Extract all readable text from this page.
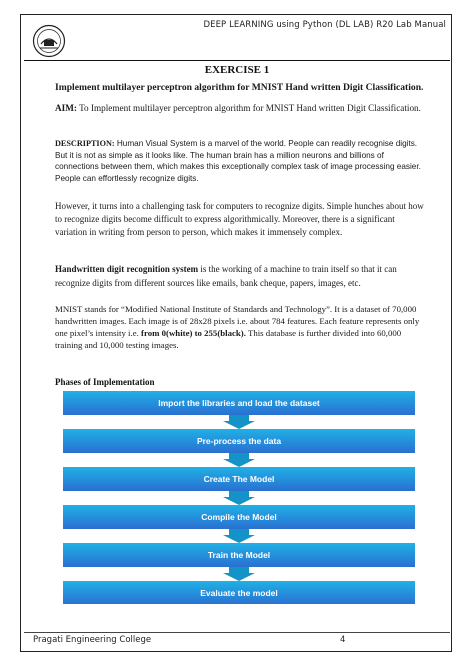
DEEP LEARNING using Python (DL LAB) R20 Lab Manual
EXERCISE 1
Implement multilayer perceptron algorithm for MNIST Hand written Digit Classification.
AIM: To Implement multilayer perceptron algorithm for MNIST Hand written Digit Classification.
DESCRIPTION: Human Visual System is a marvel of the world. People can readily recognise digits. But it is not as simple as it looks like. The human brain has a million neurons and billions of connections between them, which makes this exceptionally complex task of image processing easier. People can effortlessly recognize digits.
However, it turns into a challenging task for computers to recognize digits. Simple hunches about how to recognize digits become difficult to express algorithmically. Moreover, there is a significant variation in writing from person to person, which makes it immensely complex.
Handwritten digit recognition system is the working of a machine to train itself so that it can recognize digits from different sources like emails, bank cheque, papers, images, etc.
MNIST stands for “Modified National Institute of Standards and Technology”. It is a dataset of 70,000 handwritten images. Each image is of 28x28 pixels i.e. about 784 features. Each feature represents only one pixel’s intensity i.e. from 0(white) to 255(black). This database is further divided into 60,000 training and 10,000 testing images.
Phases of Implementation
Import the libraries and load the dataset
Pre-process the data
Create The Model
Compile the Model
Train the Model
Evaluate the model
Pragati Engineering College	4
